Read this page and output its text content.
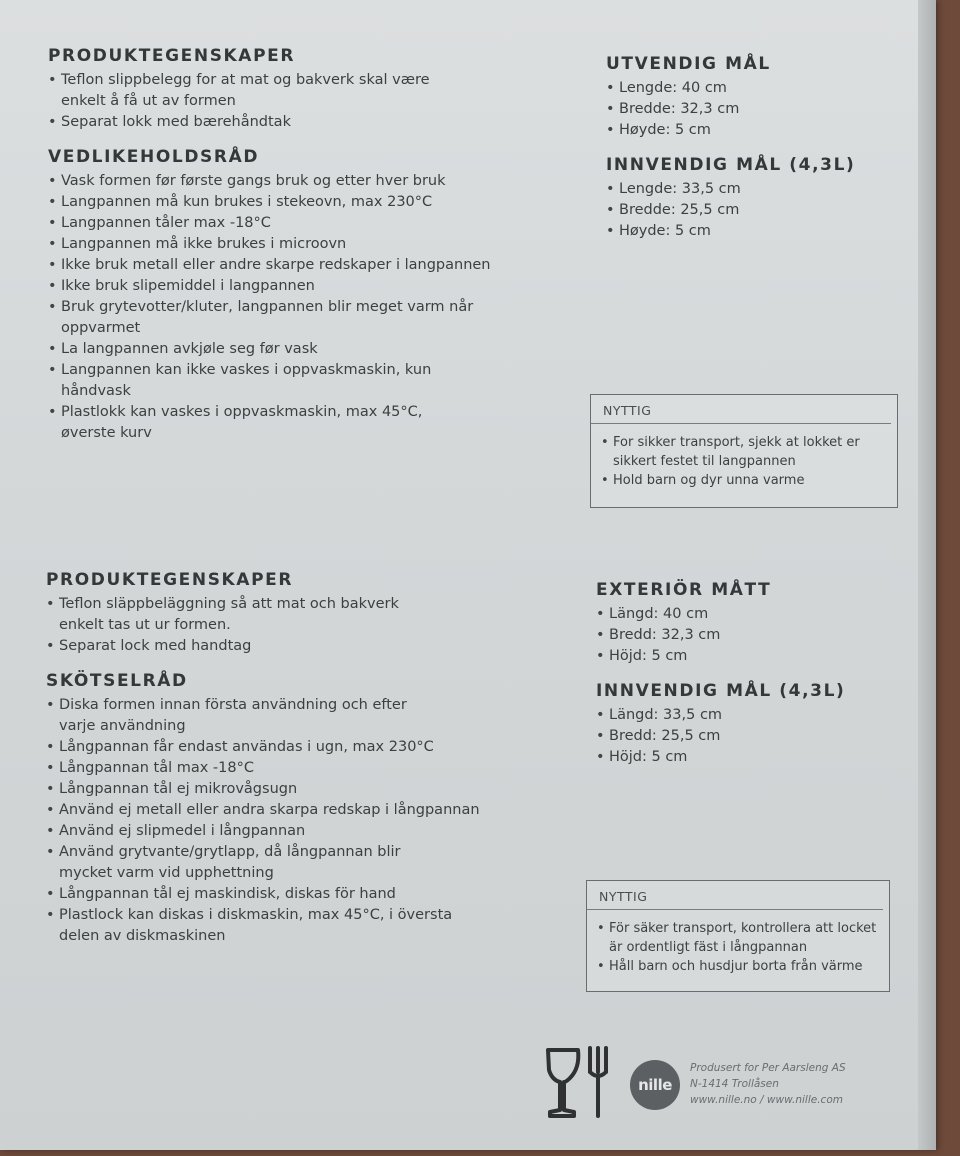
PRODUKTEGENSKAPER
• Teflon slippbelegg for at mat og bakverk skal være enkelt å få ut av formen
• Separat lokk med bærehåndtak
VEDLIKEHOLDSRÅD
• Vask formen før første gangs bruk og etter hver bruk
• Langpannen må kun brukes i stekeovn, max 230°C
• Langpannen tåler max -18°C
• Langpannen må ikke brukes i microovn
• Ikke bruk metall eller andre skarpe redskaper i langpannen
• Ikke bruk slipemiddel i langpannen
• Bruk grytevotter/kluter, langpannen blir meget varm når oppvarmet
• La langpannen avkjøle seg før vask
• Langpannen kan ikke vaskes i oppvaskmaskin, kun håndvask
• Plastlokk kan vaskes i oppvaskmaskin, max 45°C, øverste kurv
UTVENDIG MÅL
• Lengde: 40 cm
• Bredde: 32,3 cm
• Høyde: 5 cm
INNVENDIG MÅL (4,3L)
• Lengde: 33,5 cm
• Bredde: 25,5 cm
• Høyde: 5 cm
NYTTIG
• For sikker transport, sjekk at lokket er sikkert festet til langpannen
• Hold barn og dyr unna varme
PRODUKTEGENSKAPER
• Teflon släppbeläggning så att mat och bakverk enkelt tas ut ur formen.
• Separat lock med handtag
SKÖTSELRÅD
• Diska formen innan första användning och efter varje användning
• Långpannan får endast användas i ugn, max 230°C
• Långpannan tål max -18°C
• Långpannan tål ej mikrovågsugn
• Använd ej metall eller andra skarpa redskap i långpannan
• Använd ej slipmedel i långpannan
• Använd grytvante/grytlapp, då långpannan blir mycket varm vid upphettning
• Långpannan tål ej maskindisk, diskas för hand
• Plastlock kan diskas i diskmaskin, max 45°C, i översta delen av diskmaskinen
EXTERIÖR MÅTT
• Längd: 40 cm
• Bredd: 32,3 cm
• Höjd: 5 cm
INNVENDIG MÅL (4,3L)
• Längd: 33,5 cm
• Bredd: 25,5 cm
• Höjd: 5 cm
NYTTIG
• För säker transport, kontrollera att locket är ordentligt fäst i långpannan
• Håll barn och husdjur borta från värme
nille
Produsert for Per Aarsleng AS
N-1414 Trollåsen
www.nille.no / www.nille.com
